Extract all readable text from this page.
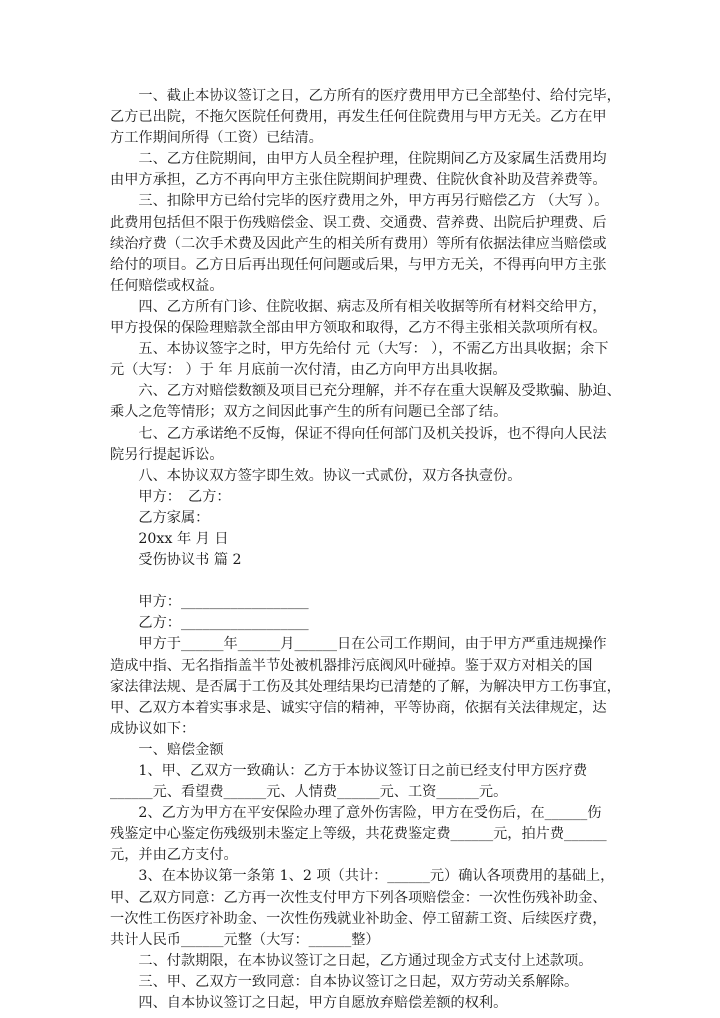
　　一、截止本协议签订之日，乙方所有的医疗费用甲方已全部垫付、给付完毕，
乙方已出院，不拖欠医院任何费用，再发生任何住院费用与甲方无关。乙方在甲
方工作期间所得（工资）已结清。
　　二、乙方住院期间，由甲方人员全程护理，住院期间乙方及家属生活费用均
由甲方承担，乙方不再向甲方主张住院期间护理费、住院伙食补助及营养费等。
　　三、扣除甲方已给付完毕的医疗费用之外，甲方再另行赔偿乙方 （大写 ）。
此费用包括但不限于伤残赔偿金、误工费、交通费、营养费、出院后护理费、后
续治疗费（二次手术费及因此产生的相关所有费用）等所有依据法律应当赔偿或
给付的项目。乙方日后再出现任何问题或后果，与甲方无关，不得再向甲方主张
任何赔偿或权益。
　　四、乙方所有门诊、住院收据、病志及所有相关收据等所有材料交给甲方，
甲方投保的保险理赔款全部由甲方领取和取得，乙方不得主张相关款项所有权。
　　五、本协议签字之时，甲方先给付 元（大写： ），不需乙方出具收据；余下
元（大写： ）于 年 月底前一次付清，由乙方向甲方出具收据。
　　六、乙方对赔偿数额及项目已充分理解，并不存在重大误解及受欺骗、胁迫、
乘人之危等情形；双方之间因此事产生的所有问题已全部了结。
　　七、乙方承诺绝不反悔，保证不得向任何部门及机关投诉，也不得向人民法
院另行提起诉讼。
　　八、本协议双方签字即生效。协议一式贰份，双方各执壹份。
　　甲方：　乙方：
　　乙方家属：
　　20xx 年 月 日
　　受伤协议书 篇 2
　　甲方：__________________
　　乙方：__________________
　　甲方于______年______月______日在公司工作期间，由于甲方严重违规操作
造成中指、无名指指盖半节处被机器排污底阀风叶碰掉。鉴于双方对相关的国
家法律法规、是否属于工伤及其处理结果均已清楚的了解，为解决甲方工伤事宜，
甲、乙双方本着实事求是、诚实守信的精神，平等协商，依据有关法律规定，达
成协议如下：
　　一、赔偿金额
　　1、甲、乙双方一致确认：乙方于本协议签订日之前已经支付甲方医疗费
______元、看望费______元、人情费______元、工资______元。
　　2、乙方为甲方在平安保险办理了意外伤害险，甲方在受伤后，在______伤
残鉴定中心鉴定伤残级别未鉴定上等级，共花费鉴定费______元，拍片费______
元，并由乙方支付。
　　3、在本协议第一条第 1、2 项（共计：______元）确认各项费用的基础上，
甲、乙双方同意：乙方再一次性支付甲方下列各项赔偿金：一次性伤残补助金、
一次性工伤医疗补助金、一次性伤残就业补助金、停工留薪工资、后续医疗费，
共计人民币______元整（大写：______整）
　　二、付款期限，在本协议签订之日起，乙方通过现金方式支付上述款项。
　　三、甲、乙双方一致同意：自本协议签订之日起，双方劳动关系解除。
　　四、自本协议签订之日起，甲方自愿放弃赔偿差额的权利。
